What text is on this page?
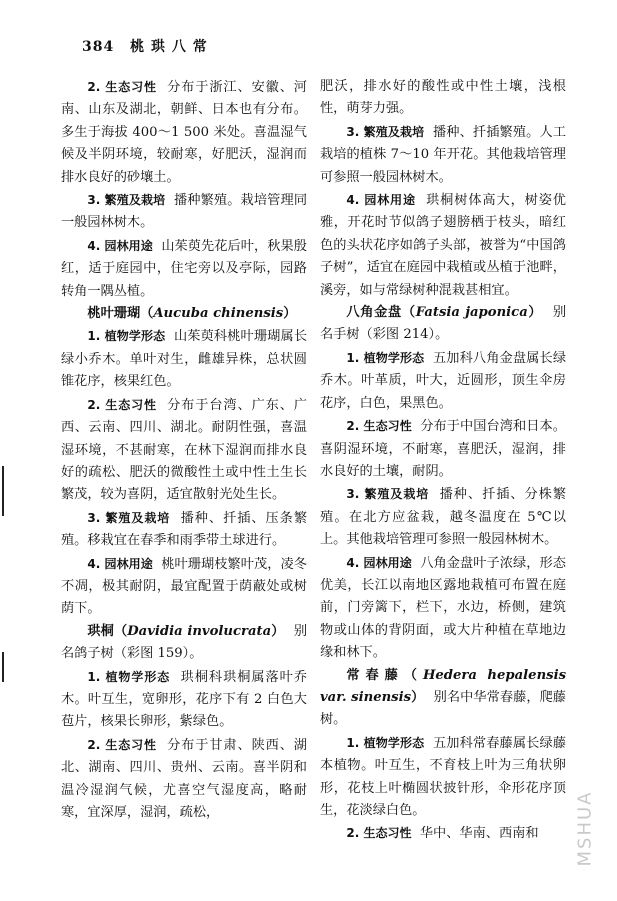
384 桃 珙 八 常

2. 生态习性 分布于浙江、安徽、河南、山东及湖北，朝鲜、日本也有分布。多生于海拔 400～1 500 米处。喜温湿气候及半阴环境，较耐寒，好肥沃，湿润而排水良好的砂壤土。

3. 繁殖及栽培 播种繁殖。栽培管理同一般园林树木。

4. 园林用途 山茱萸先花后叶，秋果殷红，适于庭园中，住宅旁以及亭际，园路转角一隅丛植。

桃叶珊瑚（Aucuba chinensis）

1. 植物学形态 山茱萸科桃叶珊瑚属长绿小乔木。单叶对生，雌雄异株，总状圆锥花序，核果红色。

2. 生态习性 分布于台湾、广东、广西、云南、四川、湖北。耐阴性强，喜温湿环境，不甚耐寒，在林下湿润而排水良好的疏松、肥沃的微酸性土或中性土生长繁茂，较为喜阴，适宜散射光处生长。

3. 繁殖及栽培 播种、扦插、压条繁殖。移栽宜在春季和雨季带土球进行。

4. 园林用途 桃叶珊瑚枝繁叶茂，凌冬不凋，极其耐阴，最宜配置于荫蔽处或树荫下。

珙桐（Davidia involucrata） 别名鸽子树（彩图 159）。

1. 植物学形态 珙桐科珙桐属落叶乔木。叶互生，宽卵形，花序下有 2 白色大苞片，核果长卵形，紫绿色。

2. 生态习性 分布于甘肃、陕西、湖北、湖南、四川、贵州、云南。喜半阴和温冷湿润气候，尤喜空气湿度高，略耐寒，宜深厚，湿润，疏松，

肥沃，排水好的酸性或中性土壤，浅根性，萌芽力强。

3. 繁殖及栽培 播种、扦插繁殖。人工栽培的植株 7～10 年开花。其他栽培管理可参照一般园林树木。

4. 园林用途 珙桐树体高大，树姿优雅，开花时节似鸽子翅膀栖于枝头，暗红色的头状花序如鸽子头部，被誉为“中国鸽子树”，适宜在庭园中栽植或丛植于池畔，溪旁，如与常绿树种混栽甚相宜。

八角金盘（Fatsia japonica） 别名手树（彩图 214）。

1. 植物学形态 五加科八角金盘属长绿乔木。叶革质，叶大，近圆形，顶生伞房花序，白色，果黑色。

2. 生态习性 分布于中国台湾和日本。喜阴湿环境，不耐寒，喜肥沃，湿润，排水良好的土壤，耐阴。

3. 繁殖及栽培 播种、扦插、分株繁殖。在北方应盆栽，越冬温度在 5℃以上。其他栽培管理可参照一般园林树木。

4. 园林用途 八角金盘叶子浓绿，形态优美，长江以南地区露地栽植可布置在庭前，门旁篱下，栏下，水边，桥侧，建筑物或山体的背阴面，或大片种植在草地边缘和林下。

常春藤（Hedera hepalensis var. sinensis） 别名中华常春藤，爬藤树。

1. 植物学形态 五加科常春藤属长绿藤本植物。叶互生，不育枝上叶为三角状卵形，花枝上叶椭圆状披针形，伞形花序顶生，花淡绿白色。

2. 生态习性 华中、华南、西南和	MSHUA
